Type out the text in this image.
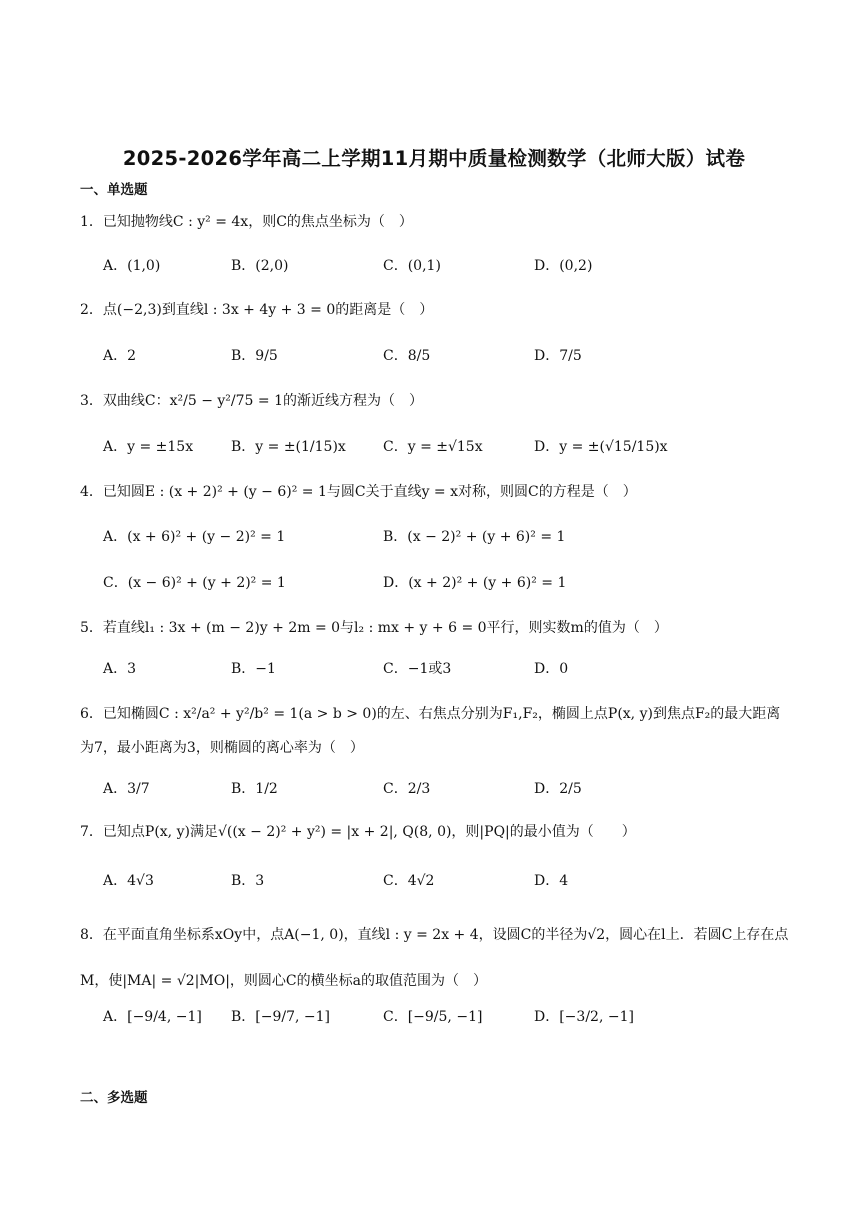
2025-2026学年高二上学期11月期中质量检测数学（北师大版）试卷
一、单选题
1．已知抛物线C : y² = 4x，则C的焦点坐标为（　）
A．(1,0)	B．(2,0)	C．(0,1)	D．(0,2)
2．点(−2,3)到直线l : 3x + 4y + 3 = 0的距离是（　）
A．2	B．9/5	C．8/5	D．7/5
3．双曲线C：x²/5 − y²/75 = 1的渐近线方程为（　）
A．y = ±15x	B．y = ±(1/15)x	C．y = ±√15x	D．y = ±(√15/15)x
4．已知圆E : (x + 2)² + (y − 6)² = 1与圆C关于直线y = x对称，则圆C的方程是（　）
A．(x + 6)² + (y − 2)² = 1	B．(x − 2)² + (y + 6)² = 1
C．(x − 6)² + (y + 2)² = 1	D．(x + 2)² + (y + 6)² = 1
5．若直线l₁ : 3x + (m − 2)y + 2m = 0与l₂ : mx + y + 6 = 0平行，则实数m的值为（　）
A．3	B．−1	C．−1或3	D．0
6．已知椭圆C : x²/a² + y²/b² = 1(a > b > 0)的左、右焦点分别为F₁,F₂，椭圆上点P(x, y)到焦点F₂的最大距离为7，最小距离为3，则椭圆的离心率为（　）
A．3/7	B．1/2	C．2/3	D．2/5
7．已知点P(x, y)满足√((x − 2)² + y²) = |x + 2|, Q(8, 0)，则|PQ|的最小值为（　　）
A．4√3	B．3	C．4√2	D．4
8．在平面直角坐标系xOy中，点A(−1, 0)，直线l : y = 2x + 4，设圆C的半径为√2，圆心在l上．若圆C上存在点M，使|MA| = √2|MO|，则圆心C的横坐标a的取值范围为（　）
A．[−9/4, −1] B．[−9/7, −1]	C．[−9/5, −1]	D．[−3/2, −1]
二、多选题
